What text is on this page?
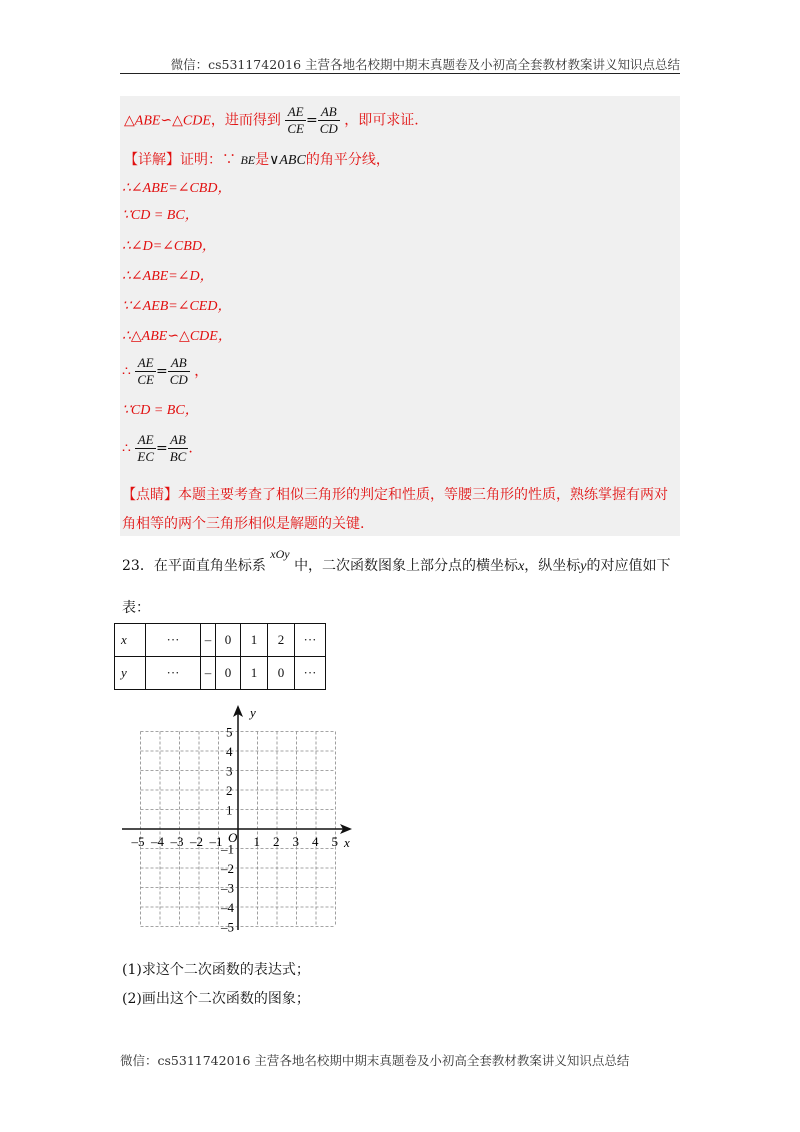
微信：cs5311742016 主营各地名校期中期末真题卷及小初高全套教材教案讲义知识点总结
△ABE∽△CDE，进而得到 $\frac{AE}{CE} = \frac{AB}{CD}$ ，即可求证.
【详解】证明：∵ BE是∨ABC的角平分线，
∴∠ABE=∠CBD，
∵CD = BC，
∴∠D=∠CBD，
∴∠ABE=∠D，
∵∠AEB=∠CED，
∴△ABE∽△CDE，
∴ $\frac{AE}{CE} = \frac{AB}{CD}$ ，
∵CD = BC，
∴ $\frac{AE}{EC} = \frac{AB}{BC}$ .
【点睛】本题主要考查了相似三角形的判定和性质，等腰三角形的性质，熟练掌握有两对
角相等的两个三角形相似是解题的关键.
23．在平面直角坐标系 xOy 中，二次函数图象上部分点的横坐标x，纵坐标y的对应值如下
表：
x	···	–	0	1	2	···
y	···	–	0	1	0	···
x
y
O
–5 –4 –3 –2 –1 1 2 3 4 5
5
4
3
2
1
–1
–2
–3
–4
–5
(1)求这个二次函数的表达式；
(2)画出这个二次函数的图象；
微信：cs5311742016 主营各地名校期中期末真题卷及小初高全套教材教案讲义知识点总结
